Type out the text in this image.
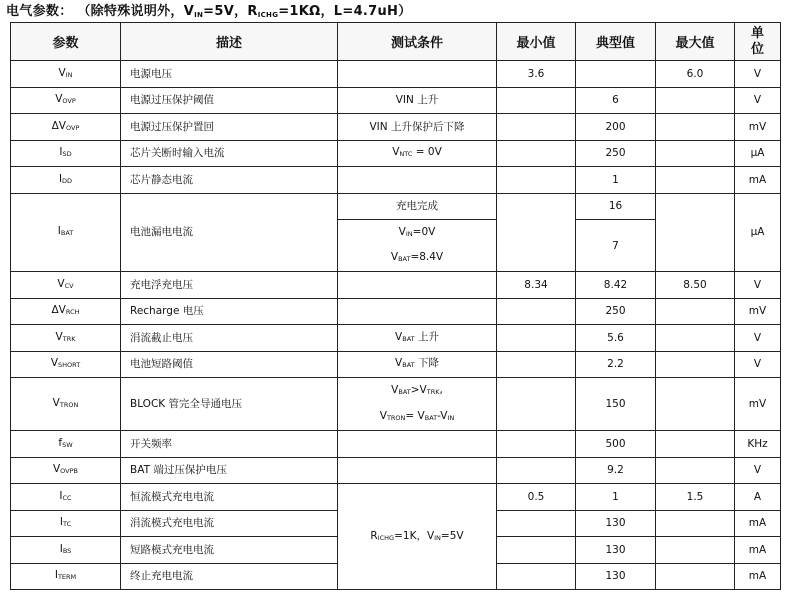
电气参数： （除特殊说明外，$V_{IN}=5V$，$R_{ICHG}=1K\Omega$，L=4.7uH）
参数	描述	测试条件	最小值	典型值	最大值	单
位
$V_{IN}$	电源电压		3.6		6.0	V
$V_{OVP}$	电源过压保护阈值	VIN 上升		6		V
$\Delta V_{OVP}$	电源过压保护置回	VIN 上升保护后下降		200		mV
$I_{SD}$	芯片关断时输入电流	$V_{NTC} = 0V$		250		μA
$I_{DD}$	芯片静态电流			1		mA
$I_{BAT}$	电池漏电电流	充电完成		16		μA
		$V_{IN}=0V$		7		
		$V_{BAT}=8.4V$				
$V_{CV}$	充电浮充电压		8.34	8.42	8.50	V
$\Delta V_{RCH}$	Recharge 电压			250		mV
$V_{TRK}$	涓流截止电压	$V_{BAT}$ 上升		5.6		V
$V_{SHORT}$	电池短路阈值	$V_{BAT}$ 下降		2.2		V
$V_{TRON}$	BLOCK 管完全导通电压	$V_{BAT}>V_{TRK}$,
$V_{TRON}= V_{BAT}-V_{IN}$		150		mV
$f_{SW}$	开关频率			500		KHz
$V_{OVPB}$	BAT 端过压保护电压			9.2		V
$I_{CC}$	恒流模式充电电流	$R_{ICHG}=1K$，$V_{IN}=5V$	0.5	1	1.5	A
$I_{TC}$	涓流模式充电电流			130		mA
$I_{BS}$	短路模式充电电流			130		mA
$I_{TERM}$	终止充电电流			130		mA
